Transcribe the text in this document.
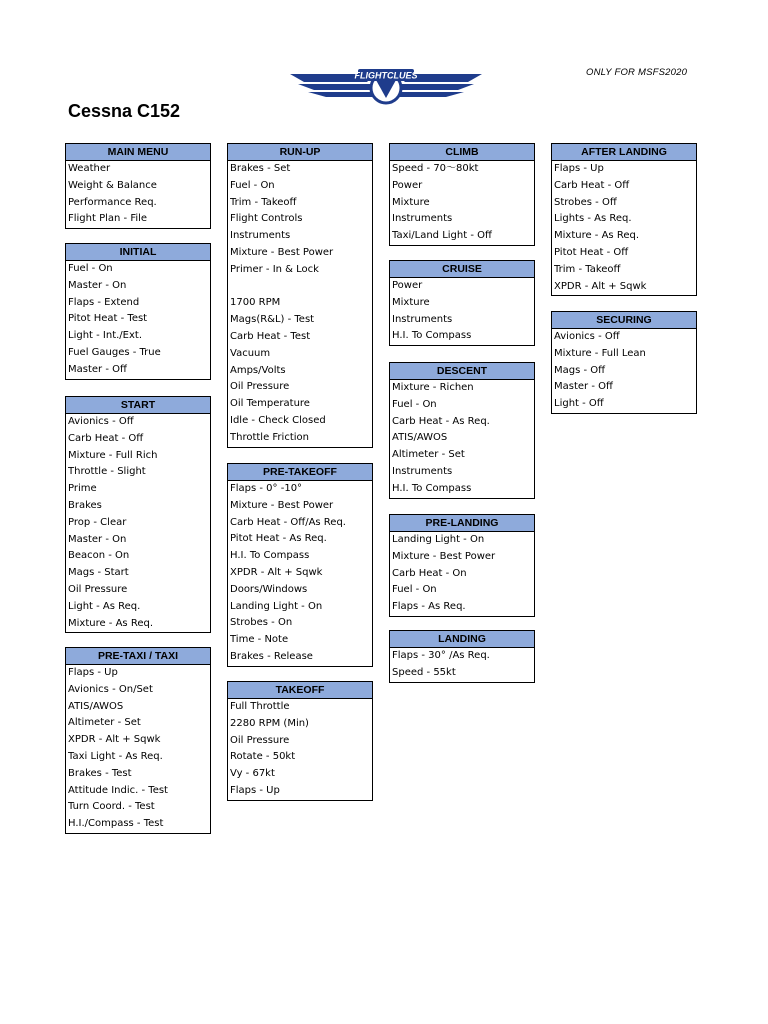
FLIGHTCLUES	ONLY FOR MSFS2020
Cessna C152
MAIN MENU
Weather
Weight & Balance
Performance Req.
Flight Plan - File
INITIAL
Fuel - On
Master - On
Flaps - Extend
Pitot Heat - Test
Light - Int./Ext.
Fuel Gauges - True
Master - Off
START
Avionics - Off
Carb Heat - Off
Mixture - Full Rich
Throttle - Slight
Prime
Brakes
Prop - Clear
Master - On
Beacon - On
Mags - Start
Oil Pressure
Light - As Req.
Mixture - As Req.
PRE-TAXI / TAXI
Flaps - Up
Avionics - On/Set
ATIS/AWOS
Altimeter - Set
XPDR - Alt + Sqwk
Taxi Light - As Req.
Brakes - Test
Attitude Indic. - Test
Turn Coord. - Test
H.I./Compass - Test
RUN-UP
Brakes - Set
Fuel - On
Trim - Takeoff
Flight Controls
Instruments
Mixture - Best Power
Primer - In & Lock
1700 RPM
Mags(R&L) - Test
Carb Heat - Test
Vacuum
Amps/Volts
Oil Pressure
Oil Temperature
Idle - Check Closed
Throttle Friction
PRE-TAKEOFF
Flaps - 0° -10°
Mixture - Best Power
Carb Heat - Off/As Req.
Pitot Heat - As Req.
H.I. To Compass
XPDR - Alt + Sqwk
Doors/Windows
Landing Light - On
Strobes - On
Time - Note
Brakes - Release
TAKEOFF
Full Throttle
2280 RPM (Min)
Oil Pressure
Rotate - 50kt
Vy - 67kt
Flaps - Up
CLIMB
Speed - 70～80kt
Power
Mixture
Instruments
Taxi/Land Light - Off
CRUISE
Power
Mixture
Instruments
H.I. To Compass
DESCENT
Mixture - Richen
Fuel - On
Carb Heat - As Req.
ATIS/AWOS
Altimeter - Set
Instruments
H.I. To Compass
PRE-LANDING
Landing Light - On
Mixture - Best Power
Carb Heat - On
Fuel - On
Flaps - As Req.
LANDING
Flaps - 30° /As Req.
Speed - 55kt
AFTER LANDING
Flaps - Up
Carb Heat - Off
Strobes - Off
Lights - As Req.
Mixture - As Req.
Pitot Heat - Off
Trim - Takeoff
XPDR - Alt + Sqwk
SECURING
Avionics - Off
Mixture - Full Lean
Mags - Off
Master - Off
Light - Off
